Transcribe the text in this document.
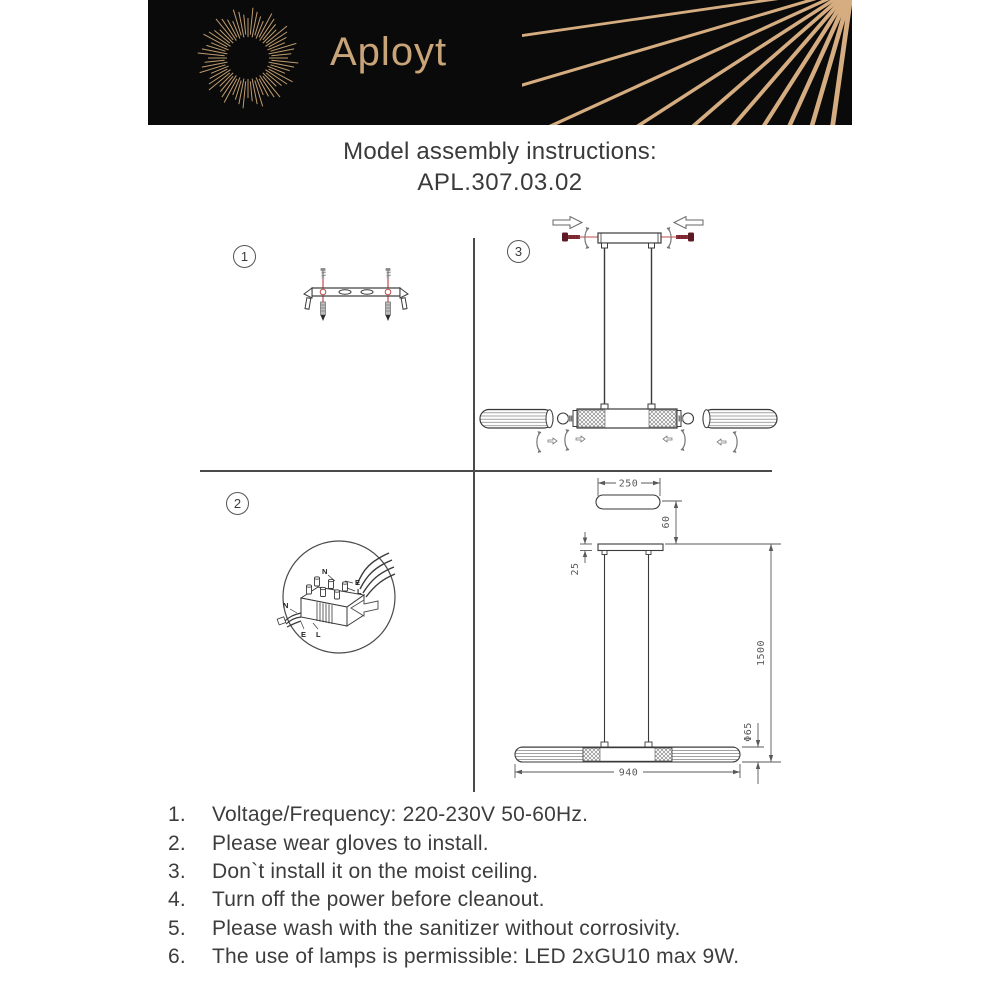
Aployt
Model assembly instructions:
APL.307.03.02
1
2
3
N
E
L
N
E L
250
60
25
1500
Φ65
940
1.	Voltage/Frequency: 220-230V 50-60Hz.
2.	Please wear gloves to install.
3.	Don`t install it on the moist ceiling.
4.	Turn off the power before cleanout.
5.	Please wash with the sanitizer without corrosivity.
6.	The use of lamps is permissible: LED 2xGU10 max 9W.
